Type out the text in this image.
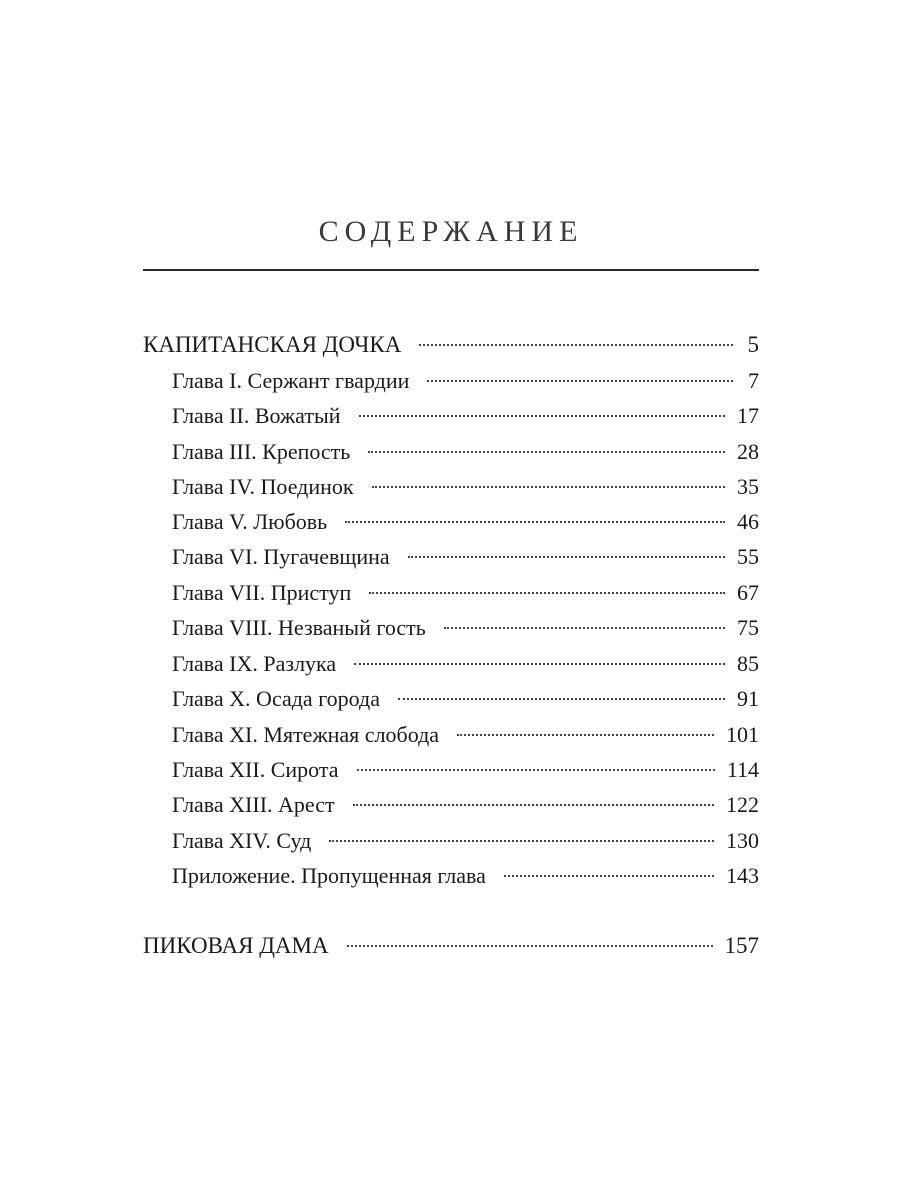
СОДЕРЖАНИЕ
КАПИТАНСКАЯ ДОЧКА	5
Глава I. Сержант гвардии	7
Глава II. Вожатый	17
Глава III. Крепость	28
Глава IV. Поединок	35
Глава V. Любовь	46
Глава VI. Пугачевщина	55
Глава VII. Приступ	67
Глава VIII. Незваный гость	75
Глава IX. Разлука	85
Глава X. Осада города	91
Глава XI. Мятежная слобода	101
Глава XII. Сирота	114
Глава XIII. Арест	122
Глава XIV. Суд	130
Приложение. Пропущенная глава	143
ПИКОВАЯ ДАМА	157
